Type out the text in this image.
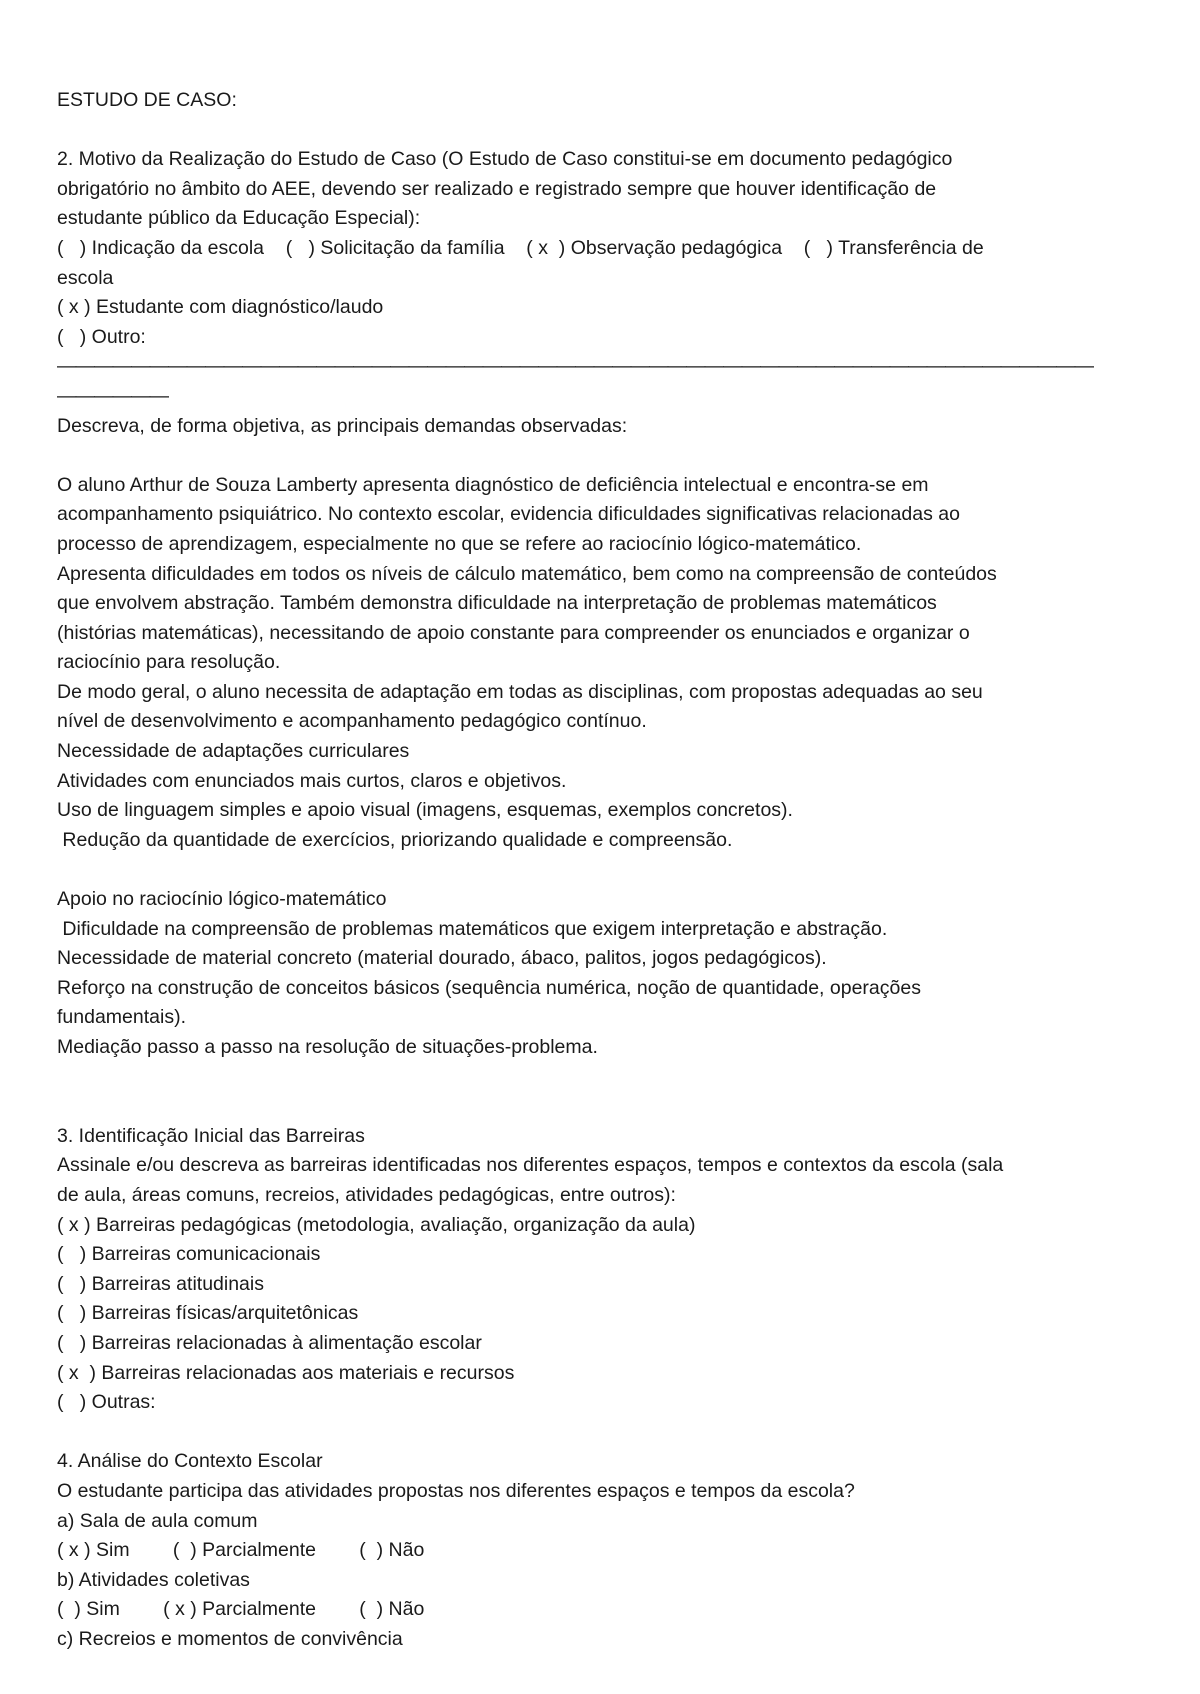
ESTUDO DE CASO:
2. Motivo da Realização do Estudo de Caso (O Estudo de Caso constitui-se em documento pedagógico
obrigatório no âmbito do AEE, devendo ser realizado e registrado sempre que houver identificação de
estudante público da Educação Especial):
(   ) Indicação da escola    (   ) Solicitação da família    ( x  ) Observação pedagógica    (   ) Transferência de
escola
( x ) Estudante com diagnóstico/laudo
(   ) Outro:
————————————————————————————————————————————————————————
——————
Descreva, de forma objetiva, as principais demandas observadas:
O aluno Arthur de Souza Lamberty apresenta diagnóstico de deficiência intelectual e encontra-se em
acompanhamento psiquiátrico. No contexto escolar, evidencia dificuldades significativas relacionadas ao
processo de aprendizagem, especialmente no que se refere ao raciocínio lógico-matemático.
Apresenta dificuldades em todos os níveis de cálculo matemático, bem como na compreensão de conteúdos
que envolvem abstração. Também demonstra dificuldade na interpretação de problemas matemáticos
(histórias matemáticas), necessitando de apoio constante para compreender os enunciados e organizar o
raciocínio para resolução.
De modo geral, o aluno necessita de adaptação em todas as disciplinas, com propostas adequadas ao seu
nível de desenvolvimento e acompanhamento pedagógico contínuo.
Necessidade de adaptações curriculares
Atividades com enunciados mais curtos, claros e objetivos.
Uso de linguagem simples e apoio visual (imagens, esquemas, exemplos concretos).
Redução da quantidade de exercícios, priorizando qualidade e compreensão.
Apoio no raciocínio lógico-matemático
Dificuldade na compreensão de problemas matemáticos que exigem interpretação e abstração.
Necessidade de material concreto (material dourado, ábaco, palitos, jogos pedagógicos).
Reforço na construção de conceitos básicos (sequência numérica, noção de quantidade, operações
fundamentais).
Mediação passo a passo na resolução de situações-problema.
3. Identificação Inicial das Barreiras
Assinale e/ou descreva as barreiras identificadas nos diferentes espaços, tempos e contextos da escola (sala
de aula, áreas comuns, recreios, atividades pedagógicas, entre outros):
( x ) Barreiras pedagógicas (metodologia, avaliação, organização da aula)
(   ) Barreiras comunicacionais
(   ) Barreiras atitudinais
(   ) Barreiras físicas/arquitetônicas
(   ) Barreiras relacionadas à alimentação escolar
( x  ) Barreiras relacionadas aos materiais e recursos
(   ) Outras:
4. Análise do Contexto Escolar
O estudante participa das atividades propostas nos diferentes espaços e tempos da escola?
a) Sala de aula comum
( x ) Sim        (  ) Parcialmente        (  ) Não
b) Atividades coletivas
(  ) Sim        ( x ) Parcialmente        (  ) Não
c) Recreios e momentos de convivência
